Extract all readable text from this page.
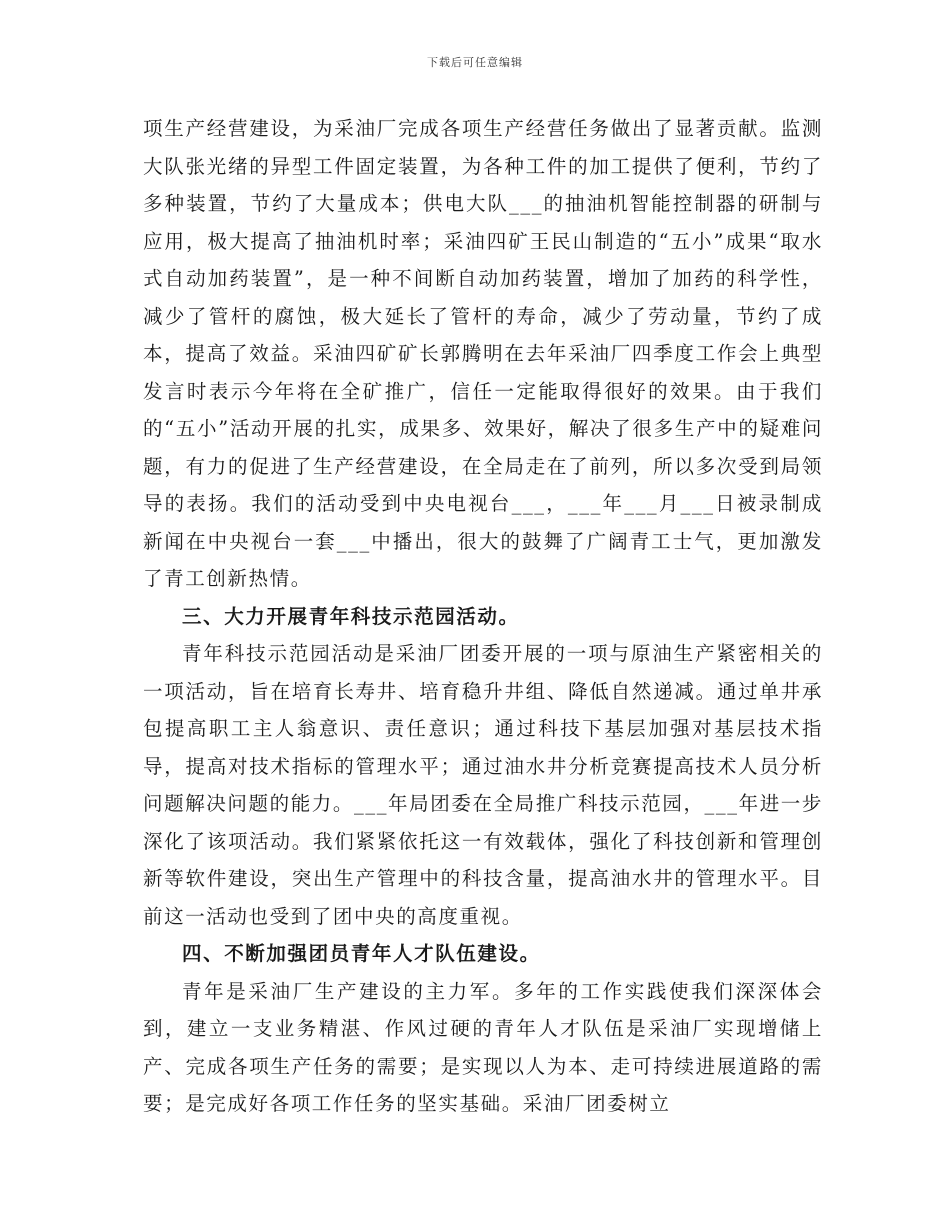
下载后可任意编辑

项生产经营建设，为采油厂完成各项生产经营任务做出了显著贡献。监测大队张光绪的异型工件固定装置，为各种工件的加工提供了便利，节约了多种装置，节约了大量成本；供电大队___的抽油机智能控制器的研制与应用，极大提高了抽油机时率；采油四矿王民山制造的“五小”成果“取水式自动加药装置”，是一种不间断自动加药装置，增加了加药的科学性，减少了管杆的腐蚀，极大延长了管杆的寿命，减少了劳动量，节约了成本，提高了效益。采油四矿矿长郭腾明在去年采油厂四季度工作会上典型发言时表示今年将在全矿推广，信任一定能取得很好的效果。由于我们的“五小”活动开展的扎实，成果多、效果好，解决了很多生产中的疑难问题，有力的促进了生产经营建设，在全局走在了前列，所以多次受到局领导的表扬。我们的活动受到中央电视台___，___年___月___日被录制成新闻在中央视台一套___中播出，很大的鼓舞了广阔青工士气，更加激发了青工创新热情。

三、大力开展青年科技示范园活动。

青年科技示范园活动是采油厂团委开展的一项与原油生产紧密相关的一项活动，旨在培育长寿井、培育稳升井组、降低自然递减。通过单井承包提高职工主人翁意识、责任意识；通过科技下基层加强对基层技术指导，提高对技术指标的管理水平；通过油水井分析竞赛提高技术人员分析问题解决问题的能力。___年局团委在全局推广科技示范园，___年进一步深化了该项活动。我们紧紧依托这一有效载体，强化了科技创新和管理创新等软件建设，突出生产管理中的科技含量，提高油水井的管理水平。目前这一活动也受到了团中央的高度重视。

四、不断加强团员青年人才队伍建设。

青年是采油厂生产建设的主力军。多年的工作实践使我们深深体会到，建立一支业务精湛、作风过硬的青年人才队伍是采油厂实现增储上产、完成各项生产任务的需要；是实现以人为本、走可持续进展道路的需要；是完成好各项工作任务的坚实基础。采油厂团委树立
